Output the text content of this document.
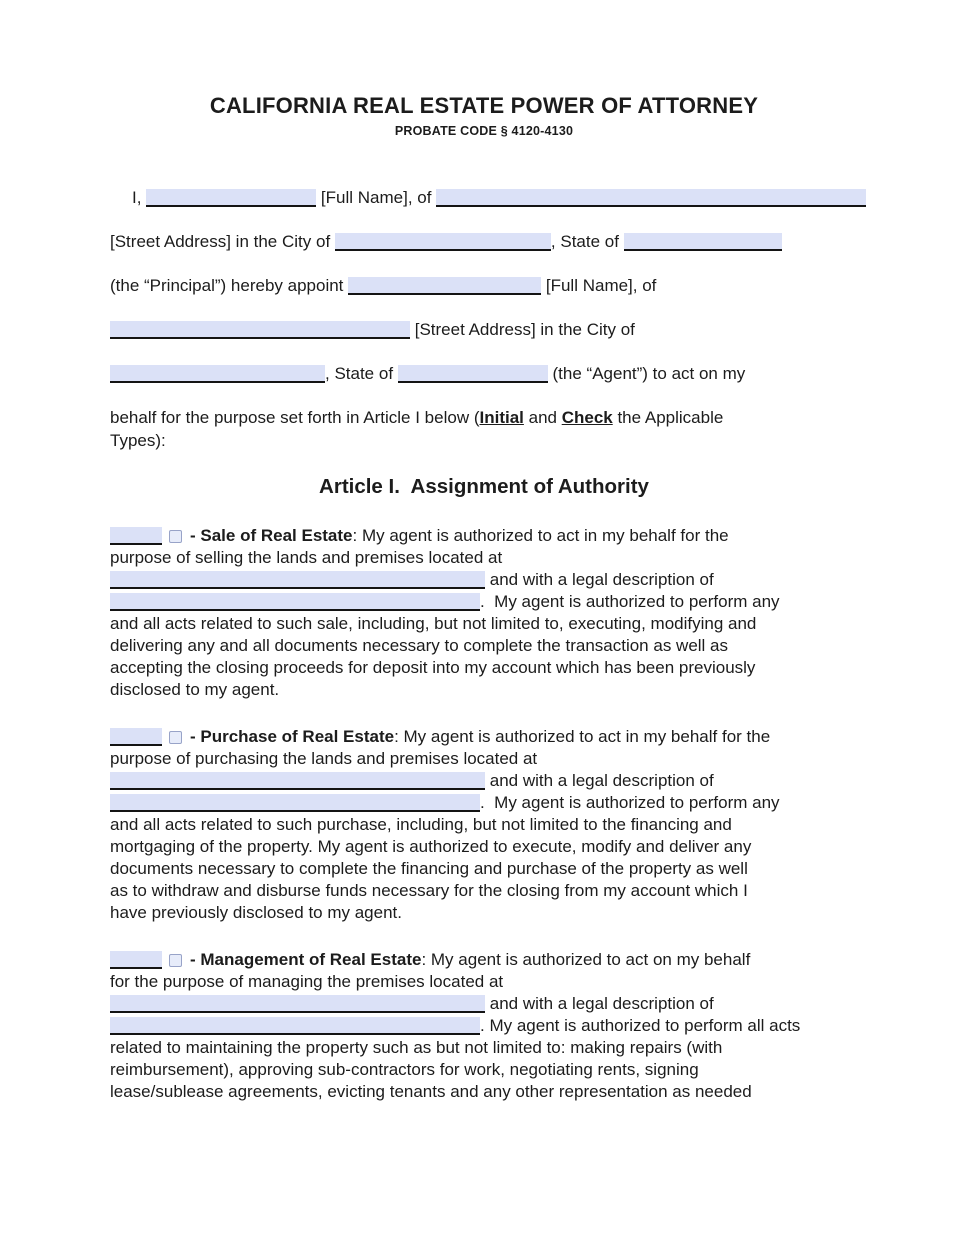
CALIFORNIA REAL ESTATE POWER OF ATTORNEY
PROBATE CODE § 4120-4130
I,	[Full Name], of
[Street Address] in the City of	, State of
(the “Principal”) hereby appoint	[Full Name], of
[Street Address] in the City of
, State of	(the “Agent”) to act on my
behalf for the purpose set forth in Article I below (Initial and Check the Applicable
Types):
Article I.  Assignment of Authority
- Sale of Real Estate: My agent is authorized to act in my behalf for the
purpose of selling the lands and premises located at
and with a legal description of
.  My agent is authorized to perform any
and all acts related to such sale, including, but not limited to, executing, modifying and
delivering any and all documents necessary to complete the transaction as well as
accepting the closing proceeds for deposit into my account which has been previously
disclosed to my agent.
- Purchase of Real Estate: My agent is authorized to act in my behalf for the
purpose of purchasing the lands and premises located at
and with a legal description of
.  My agent is authorized to perform any
and all acts related to such purchase, including, but not limited to the financing and
mortgaging of the property. My agent is authorized to execute, modify and deliver any
documents necessary to complete the financing and purchase of the property as well
as to withdraw and disburse funds necessary for the closing from my account which I
have previously disclosed to my agent.
- Management of Real Estate: My agent is authorized to act on my behalf
for the purpose of managing the premises located at
and with a legal description of
. My agent is authorized to perform all acts
related to maintaining the property such as but not limited to: making repairs (with
reimbursement), approving sub-contractors for work, negotiating rents, signing
lease/sublease agreements, evicting tenants and any other representation as needed
